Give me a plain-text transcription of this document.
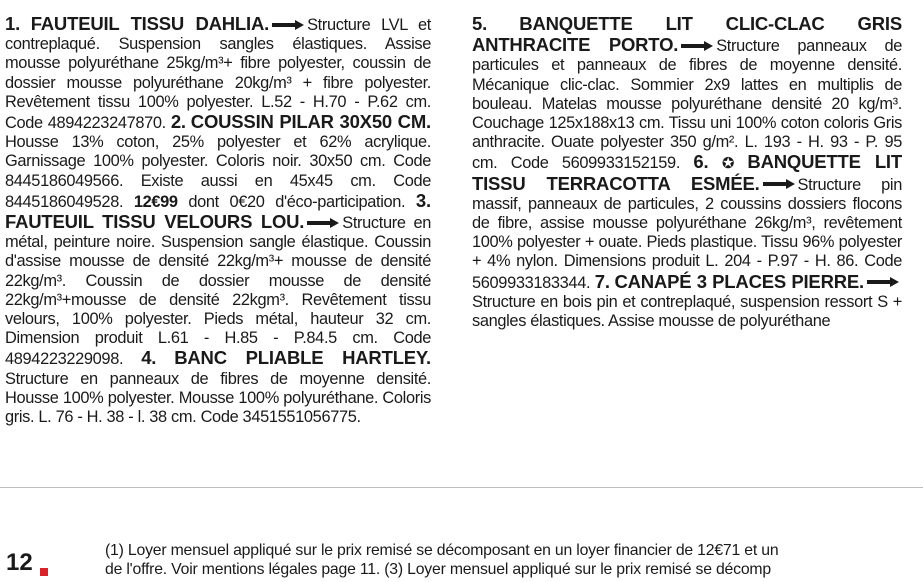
1. FAUTEUIL TISSU DAHLIA. Structure LVL et contreplaqué. Suspension sangles élastiques. Assise mousse polyuréthane 25kg/m³+ fibre polyester, coussin de dossier mousse polyuréthane 20kg/m³ + fibre polyester. Revêtement tissu 100% polyester. L.52 - H.70 - P.62 cm. Code 4894223247870. 2. COUSSIN PILAR 30X50 CM. Housse 13% coton, 25% polyester et 62% acrylique. Garnissage 100% polyester. Coloris noir. 30x50 cm. Code 8445186049566. Existe aussi en 45x45 cm. Code 8445186049528. 12€99 dont 0€20 d'éco-participation. 3. FAUTEUIL TISSU VELOURS LOU. Structure en métal, peinture noire. Suspension sangle élastique. Coussin d'assise mousse de densité 22kg/m³+ mousse de densité 22kg/m³. Coussin de dossier mousse de densité 22kg/m³+mousse de densité 22kgm³. Revêtement tissu velours, 100% polyester. Pieds métal, hauteur 32 cm. Dimension produit L.61 - H.85 - P.84.5 cm. Code 4894223229098. 4. BANC PLIABLE HARTLEY. Structure en panneaux de fibres de moyenne densité. Housse 100% polyester. Mousse 100% polyuréthane. Coloris gris. L. 76 - H. 38 - l. 38 cm. Code 3451551056775.
5. BANQUETTE LIT CLIC-CLAC GRIS ANTHRACITE PORTO. Structure panneaux de particules et panneaux de fibres de moyenne densité. Mécanique clic-clac. Sommier 2x9 lattes en multiplis de bouleau. Matelas mousse polyuréthane densité 20 kg/m³. Couchage 125x188x13 cm. Tissu uni 100% coton coloris Gris anthracite. Ouate polyester 350 g/m². L. 193 - H. 93 - P. 95 cm. Code 5609933152159. 6. ✪ BANQUETTE LIT TISSU TERRACOTTA ESMÉE. Structure pin massif, panneaux de particules, 2 coussins dossiers flocons de fibre, assise mousse polyuréthane 26kg/m³, revêtement 100% polyester + ouate. Pieds plastique. Tissu 96% polyester + 4% nylon. Dimensions produit L. 204 - P.97 - H. 86. Code 5609933183344. 7. CANAPÉ 3 PLACES PIERRE.Structure en bois pin et contreplaqué, suspension ressort S + sangles élastiques. Assise mousse de polyuréthane
12	(1) Loyer mensuel appliqué sur le prix remisé se décomposant en un loyer financier de 12€71 et un
de l'offre. Voir mentions légales page 11. (3) Loyer mensuel appliqué sur le prix remisé se décomp
